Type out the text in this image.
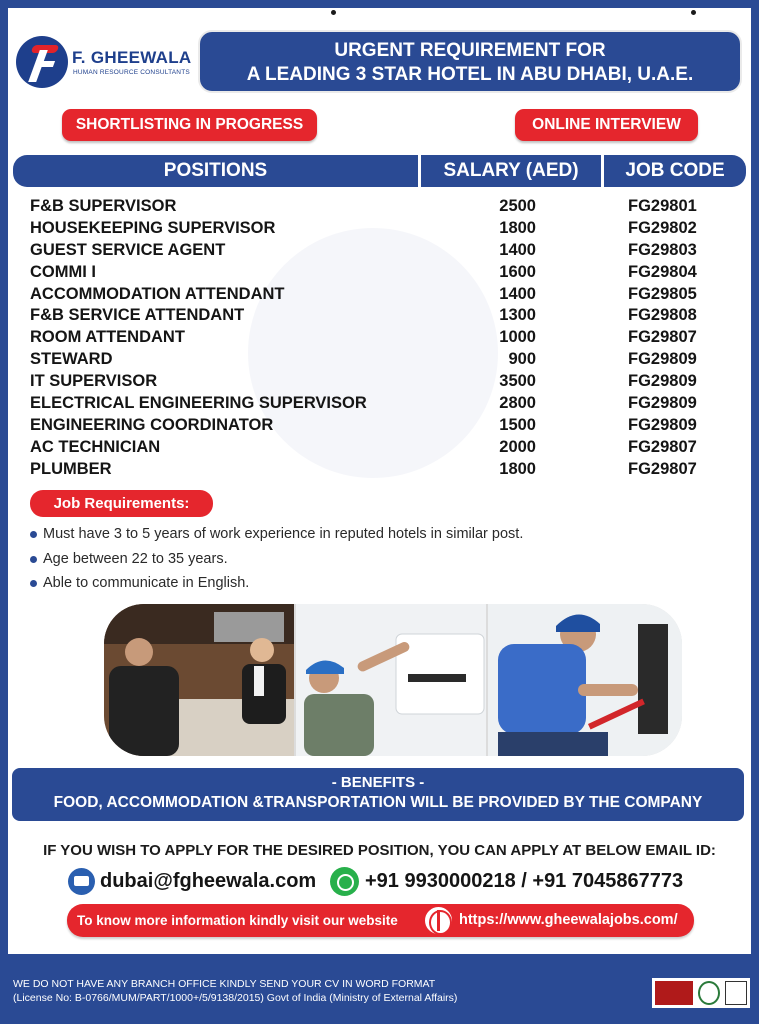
F. GHEEWALA
HUMAN RESOURCE CONSULTANTS
URGENT REQUIREMENT FOR
A LEADING 3 STAR HOTEL IN ABU DHABI, U.A.E.
SHORTLISTING IN PROGRESS	ONLINE INTERVIEW
POSITIONS	SALARY (AED)	JOB CODE
F&B SUPERVISOR	2500	FG29801
HOUSEKEEPING SUPERVISOR	1800	FG29802
GUEST SERVICE AGENT	1400	FG29803
COMMI I	1600	FG29804
ACCOMMODATION ATTENDANT	1400	FG29805
F&B SERVICE ATTENDANT	1300	FG29808
ROOM ATTENDANT	1000	FG29807
STEWARD	900	FG29809
IT SUPERVISOR	3500	FG29809
ELECTRICAL ENGINEERING SUPERVISOR	2800	FG29809
ENGINEERING COORDINATOR	1500	FG29809
AC TECHNICIAN	2000	FG29807
PLUMBER	1800	FG29807
Job Requirements:
Must have 3 to 5 years of work experience in reputed hotels in similar post.
Age between 22 to 35 years.
Able to communicate in English.
- BENEFITS -
FOOD, ACCOMMODATION &TRANSPORTATION WILL BE PROVIDED BY THE COMPANY
IF YOU WISH TO APPLY FOR THE DESIRED POSITION, YOU CAN APPLY AT BELOW EMAIL ID:
dubai@fgheewala.com +91 9930000218 / +91 7045867773
To know more information kindly visit our website	https://www.gheewalajobs.com/
WE DO NOT HAVE ANY BRANCH OFFICE KINDLY SEND YOUR CV IN WORD FORMAT
(License No: B-0766/MUM/PART/1000+/5/9138/2015) Govt of India (Ministry of External Affairs)
